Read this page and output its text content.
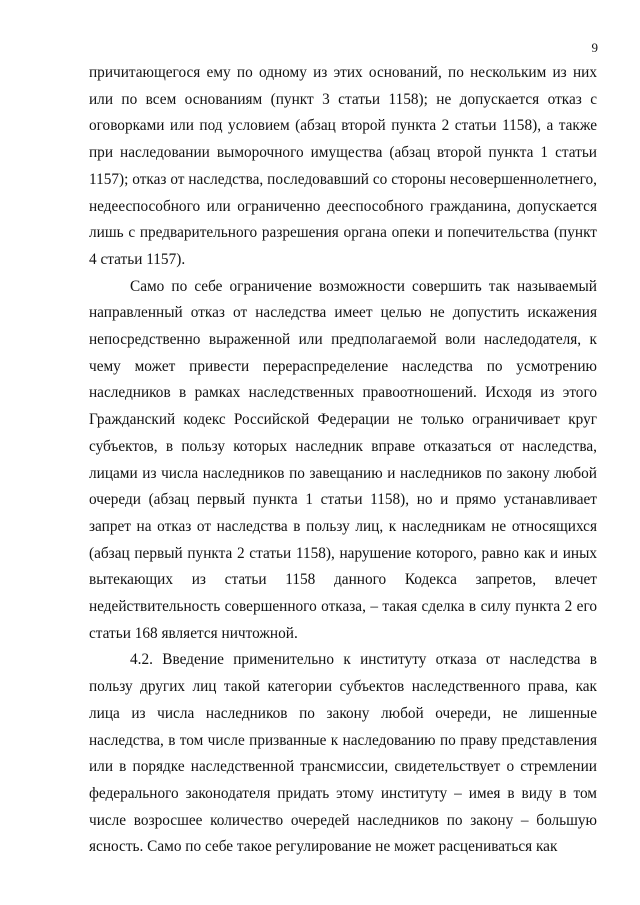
9

причитающегося ему по одному из этих оснований, по нескольким из них или по всем основаниям (пункт 3 статьи 1158); не допускается отказ с оговорками или под условием (абзац второй пункта 2 статьи 1158), а также при наследовании выморочного имущества (абзац второй пункта 1 статьи 1157); отказ от наследства, последовавший со стороны несовершеннолетнего, недееспособного или ограниченно дееспособного гражданина, допускается лишь с предварительного разрешения органа опеки и попечительства (пункт 4 статьи 1157).

Само по себе ограничение возможности совершить так называемый направленный отказ от наследства имеет целью не допустить искажения непосредственно выраженной или предполагаемой воли наследодателя, к чему может привести перераспределение наследства по усмотрению наследников в рамках наследственных правоотношений. Исходя из этого Гражданский кодекс Российской Федерации не только ограничивает круг субъектов, в пользу которых наследник вправе отказаться от наследства, лицами из числа наследников по завещанию и наследников по закону любой очереди (абзац первый пункта 1 статьи 1158), но и прямо устанавливает запрет на отказ от наследства в пользу лиц, к наследникам не относящихся (абзац первый пункта 2 статьи 1158), нарушение которого, равно как и иных вытекающих из статьи 1158 данного Кодекса запретов, влечет недействительность совершенного отказа, – такая сделка в силу пункта 2 его статьи 168 является ничтожной.

4.2. Введение применительно к институту отказа от наследства в пользу других лиц такой категории субъектов наследственного права, как лица из числа наследников по закону любой очереди, не лишенные наследства, в том числе призванные к наследованию по праву представления или в порядке наследственной трансмиссии, свидетельствует о стремлении федерального законодателя придать этому институту – имея в виду в том числе возросшее количество очередей наследников по закону – большую ясность. Само по себе такое регулирование не может расцениваться как
